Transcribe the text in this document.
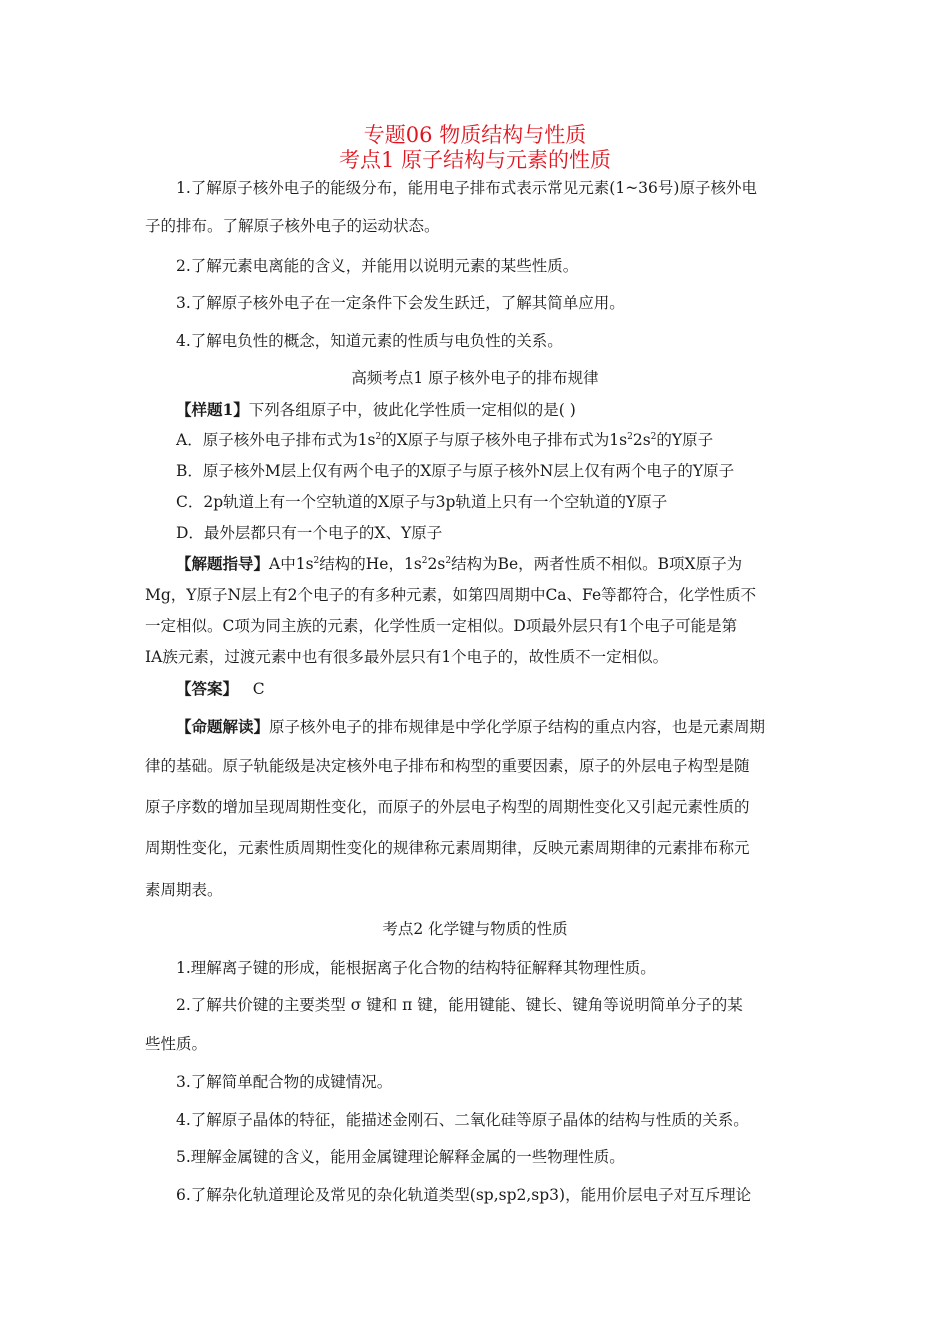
专题06 物质结构与性质
考点1 原子结构与元素的性质
1.了解原子核外电子的能级分布，能用电子排布式表示常见元素(1~36号)原子核外电
子的排布。了解原子核外电子的运动状态。
2.了解元素电离能的含义，并能用以说明元素的某些性质。
3.了解原子核外电子在一定条件下会发生跃迁，了解其简单应用。
4.了解电负性的概念，知道元素的性质与电负性的关系。
高频考点1 原子核外电子的排布规律
【样题1】下列各组原子中，彼此化学性质一定相似的是( )
A．原子核外电子排布式为$1s^2$的X原子与原子核外电子排布式为$1s^22s^2$的Y原子
B．原子核外M层上仅有两个电子的X原子与原子核外N层上仅有两个电子的Y原子
C．2p轨道上有一个空轨道的X原子与3p轨道上只有一个空轨道的Y原子
D．最外层都只有一个电子的X、Y原子
【解题指导】A中$1s^2$结构的He，$1s^22s^2$结构为Be，两者性质不相似。B项X原子为
Mg，Y原子N层上有2个电子的有多种元素，如第四周期中Ca、Fe等都符合，化学性质不
一定相似。C项为同主族的元素，化学性质一定相似。D项最外层只有1个电子可能是第
ⅠA族元素，过渡元素中也有很多最外层只有1个电子的，故性质不一定相似。
【答案】 C
【命题解读】原子核外电子的排布规律是中学化学原子结构的重点内容，也是元素周期
律的基础。原子轨能级是决定核外电子排布和构型的重要因素，原子的外层电子构型是随
原子序数的增加呈现周期性变化，而原子的外层电子构型的周期性变化又引起元素性质的
周期性变化，元素性质周期性变化的规律称元素周期律，反映元素周期律的元素排布称元
素周期表。
考点2 化学键与物质的性质
1.理解离子键的形成，能根据离子化合物的结构特征解释其物理性质。
2.了解共价键的主要类型 σ 键和 π 键，能用键能、键长、键角等说明简单分子的某
些性质。
3.了解简单配合物的成键情况。
4.了解原子晶体的特征，能描述金刚石、二氧化硅等原子晶体的结构与性质的关系。
5.理解金属键的含义，能用金属键理论解释金属的一些物理性质。
6.了解杂化轨道理论及常见的杂化轨道类型(sp,sp2,sp3)，能用价层电子对互斥理论
